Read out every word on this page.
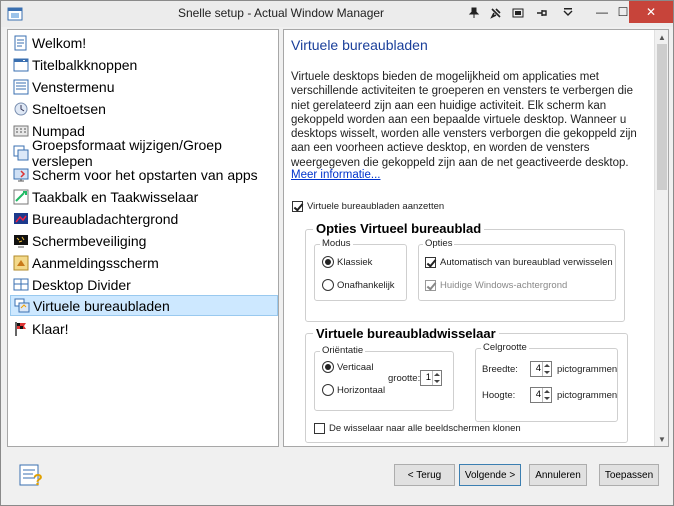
Snelle setup - Actual Window Manager	— ☐	✕
Welkom!
Titelbalkknoppen
Venstermenu
Sneltoetsen
Numpad
Groepsformaat wijzigen/Groep verslepen
Scherm voor het opstarten van apps
Taakbalk en Taakwisselaar
Bureaubladachtergrond
Schermbeveiliging
Aanmeldingsscherm
Desktop Divider
Virtuele bureaubladen
Klaar!
Virtuele bureaubladen
Virtuele desktops bieden de mogelijkheid om applicaties met verschillende activiteiten te groeperen en vensters te verbergen die niet gerelateerd zijn aan een huidige activiteit. Elk scherm kan gekoppeld worden aan een bepaalde virtuele desktop. Wanneer u desktops wisselt, worden alle vensters verborgen die gekoppeld zijn aan een voorheen actieve desktop, en worden de vensters weergegeven die gekoppeld zijn aan de net geactiveerde desktop.
Meer informatie...
Virtuele bureaubladen aanzetten
Opties Virtueel bureaublad
Modus
Klassiek
Onafhankelijk
Opties
Automatisch van bureaublad verwisselen
Huidige Windows-achtergrond
Virtuele bureaubladwisselaar
Oriëntatie
Verticaal
Horizontaal
grootte: 1
Celgrootte
Breedte: 4 pictogrammen
Hoogte: 4 pictogrammen
De wisselaar naar alle beeldschermen klonen
▲
▼
?	< Terug	Volgende >	Annuleren	Toepassen
